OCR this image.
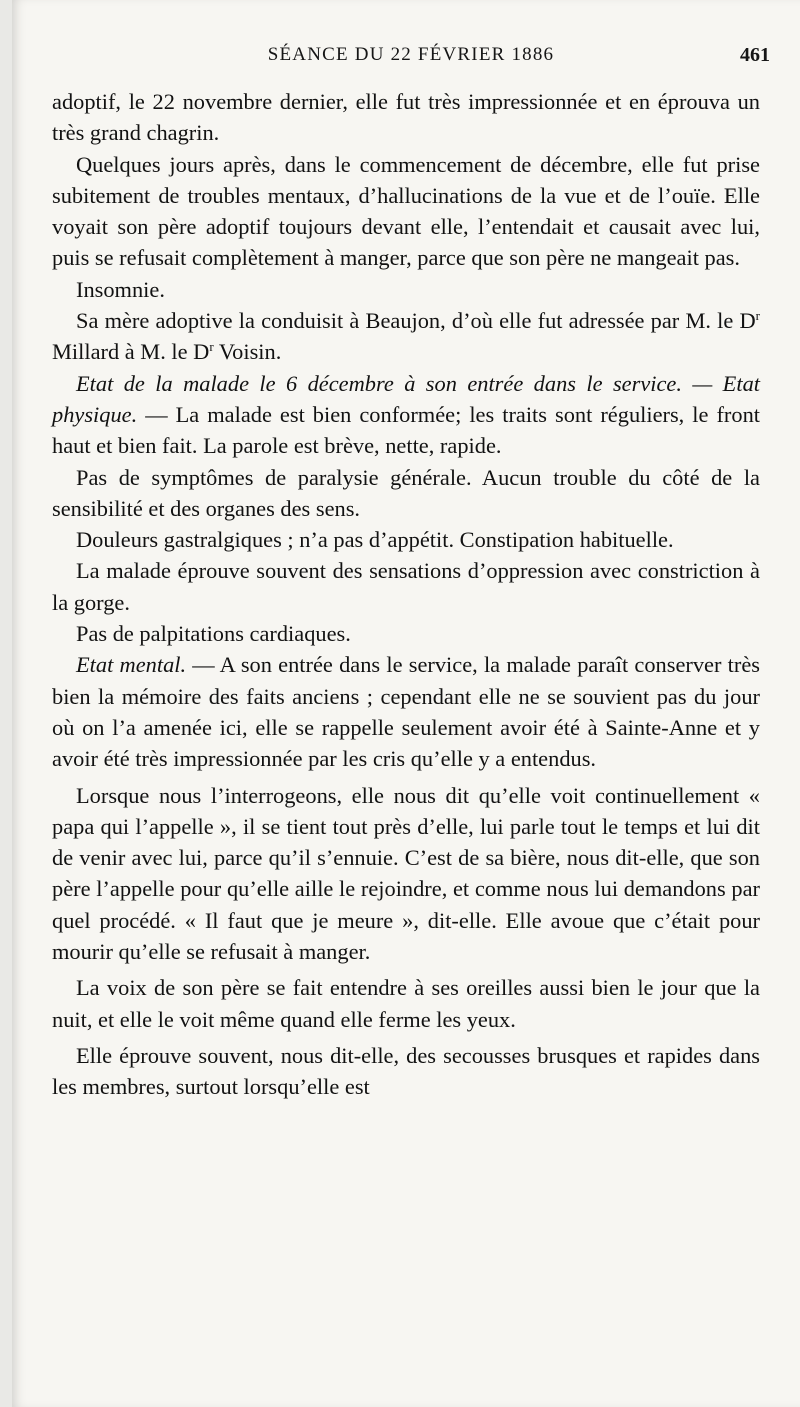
SÉANCE DU 22 FÉVRIER 1886	461

adoptif, le 22 novembre dernier, elle fut très impressionnée et en éprouva un très grand chagrin.

Quelques jours après, dans le commencement de décembre, elle fut prise subitement de troubles mentaux, d’hallucinations de la vue et de l’ouïe. Elle voyait son père adoptif toujours devant elle, l’entendait et causait avec lui, puis se refusait complètement à manger, parce que son père ne mangeait pas.

Insomnie.

Sa mère adoptive la conduisit à Beaujon, d’où elle fut adressée par M. le $D^r$ Millard à M. le $D^r$ Voisin.

Etat de la malade le 6 décembre à son entrée dans le service. — Etat physique. — La malade est bien conformée; les traits sont réguliers, le front haut et bien fait. La parole est brève, nette, rapide.

Pas de symptômes de paralysie générale. Aucun trouble du côté de la sensibilité et des organes des sens.

Douleurs gastralgiques ; n’a pas d’appétit. Constipation habituelle.

La malade éprouve souvent des sensations d’oppression avec constriction à la gorge.

Pas de palpitations cardiaques.

Etat mental. — A son entrée dans le service, la malade paraît conserver très bien la mémoire des faits anciens ; cependant elle ne se souvient pas du jour où on l’a amenée ici, elle se rappelle seulement avoir été à Sainte-Anne et y avoir été très impressionnée par les cris qu’elle y a entendus.

Lorsque nous l’interrogeons, elle nous dit qu’elle voit continuellement « papa qui l’appelle », il se tient tout près d’elle, lui parle tout le temps et lui dit de venir avec lui, parce qu’il s’ennuie. C’est de sa bière, nous dit-elle, que son père l’appelle pour qu’elle aille le rejoindre, et comme nous lui demandons par quel procédé. « Il faut que je meure », dit-elle. Elle avoue que c’était pour mourir qu’elle se refusait à manger.

La voix de son père se fait entendre à ses oreilles aussi bien le jour que la nuit, et elle le voit même quand elle ferme les yeux.

Elle éprouve souvent, nous dit-elle, des secousses brusques et rapides dans les membres, surtout lorsqu’elle est
